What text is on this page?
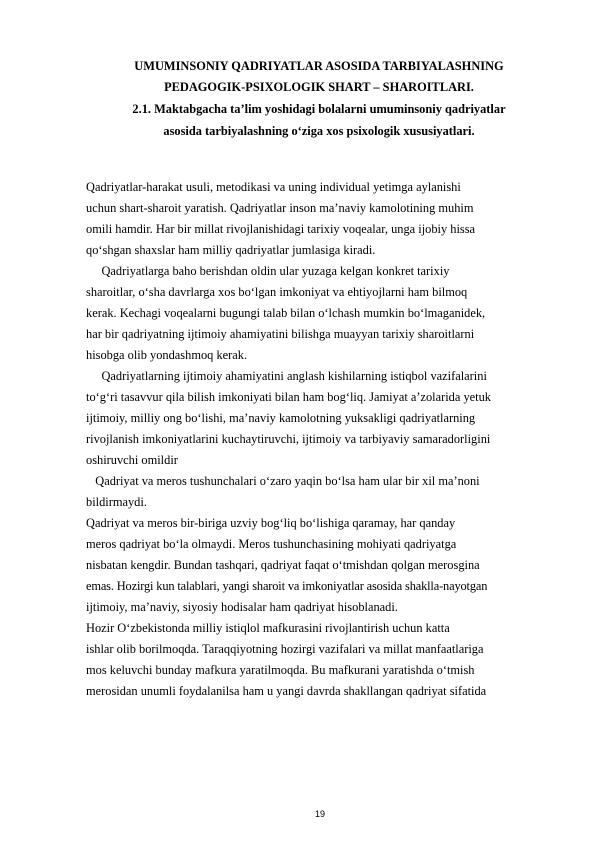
UMUMINSONIY QADRIYATLAR ASOSIDA TARBIYALASHNING
PEDAGOGIK-PSIXOLOGIK SHART – SHAROITLARI.
2.1. Maktabgacha ta’lim yoshidagi bolalarni umuminsoniy qadriyatlar
asosida tarbiyalashning o‘ziga xos psixologik xususiyatlari.
Qadriyatlar-harakat usuli, metodikasi va uning individual yetimga aylanishi
uchun shart-sharoit yaratish. Qadriyatlar inson ma’naviy kamolotining muhim
omili hamdir. Har bir millat rivojlanishidagi tarixiy voqealar, unga ijobiy hissa
qo‘shgan shaxslar ham milliy qadriyatlar jumlasiga kiradi.
Qadriyatlarga baho berishdan oldin ular yuzaga kelgan konkret tarixiy
sharoitlar, o‘sha davrlarga xos bo‘lgan imkoniyat va ehtiyojlarni ham bilmoq
kerak. Kechagi voqealarni bugungi talab bilan o‘lchash mumkin bo‘lmaganidek,
har bir qadriyatning ijtimoiy ahamiyatini bilishga muayyan tarixiy sharoitlarni
hisobga olib yondashmoq kerak.
Qadriyatlarning ijtimoiy ahamiyatini anglash kishilarning istiqbol vazifalarini
to‘g‘ri tasavvur qila bilish imkoniyati bilan ham bog‘liq. Jamiyat a’zolarida yetuk
ijtimoiy, milliy ong bo‘lishi, ma’naviy kamolotning yuksakligi qadriyatlarning
rivojlanish imkoniyatlarini kuchaytiruvchi, ijtimoiy va tarbiyaviy samaradorligini
oshiruvchi omildir
Qadriyat va meros tushunchalari o‘zaro yaqin bo‘lsa ham ular bir xil ma’noni
bildirmaydi.
Qadriyat va meros bir-biriga uzviy bog‘liq bo‘lishiga qaramay, har qanday
meros qadriyat bo‘la olmaydi. Meros tushunchasining mohiyati qadriyatga
nisbatan kengdir. Bundan tashqari, qadriyat faqat o‘tmishdan qolgan merosgina
emas. Hozirgi kun talablari, yangi sharoit va imkoniyatlar asosida shaklla-nayotgan
ijtimoiy, ma’naviy, siyosiy hodisalar ham qadriyat hisoblanadi.
Hozir O‘zbekistonda milliy istiqlol mafkurasini rivojlantirish uchun katta
ishlar olib borilmoqda. Taraqqiyotning hozirgi vazifalari va millat manfaatlariga
mos keluvchi bunday mafkura yaratilmoqda. Bu mafkurani yaratishda o‘tmish
merosidan unumli foydalanilsa ham u yangi davrda shakllangan qadriyat sifatida
19
